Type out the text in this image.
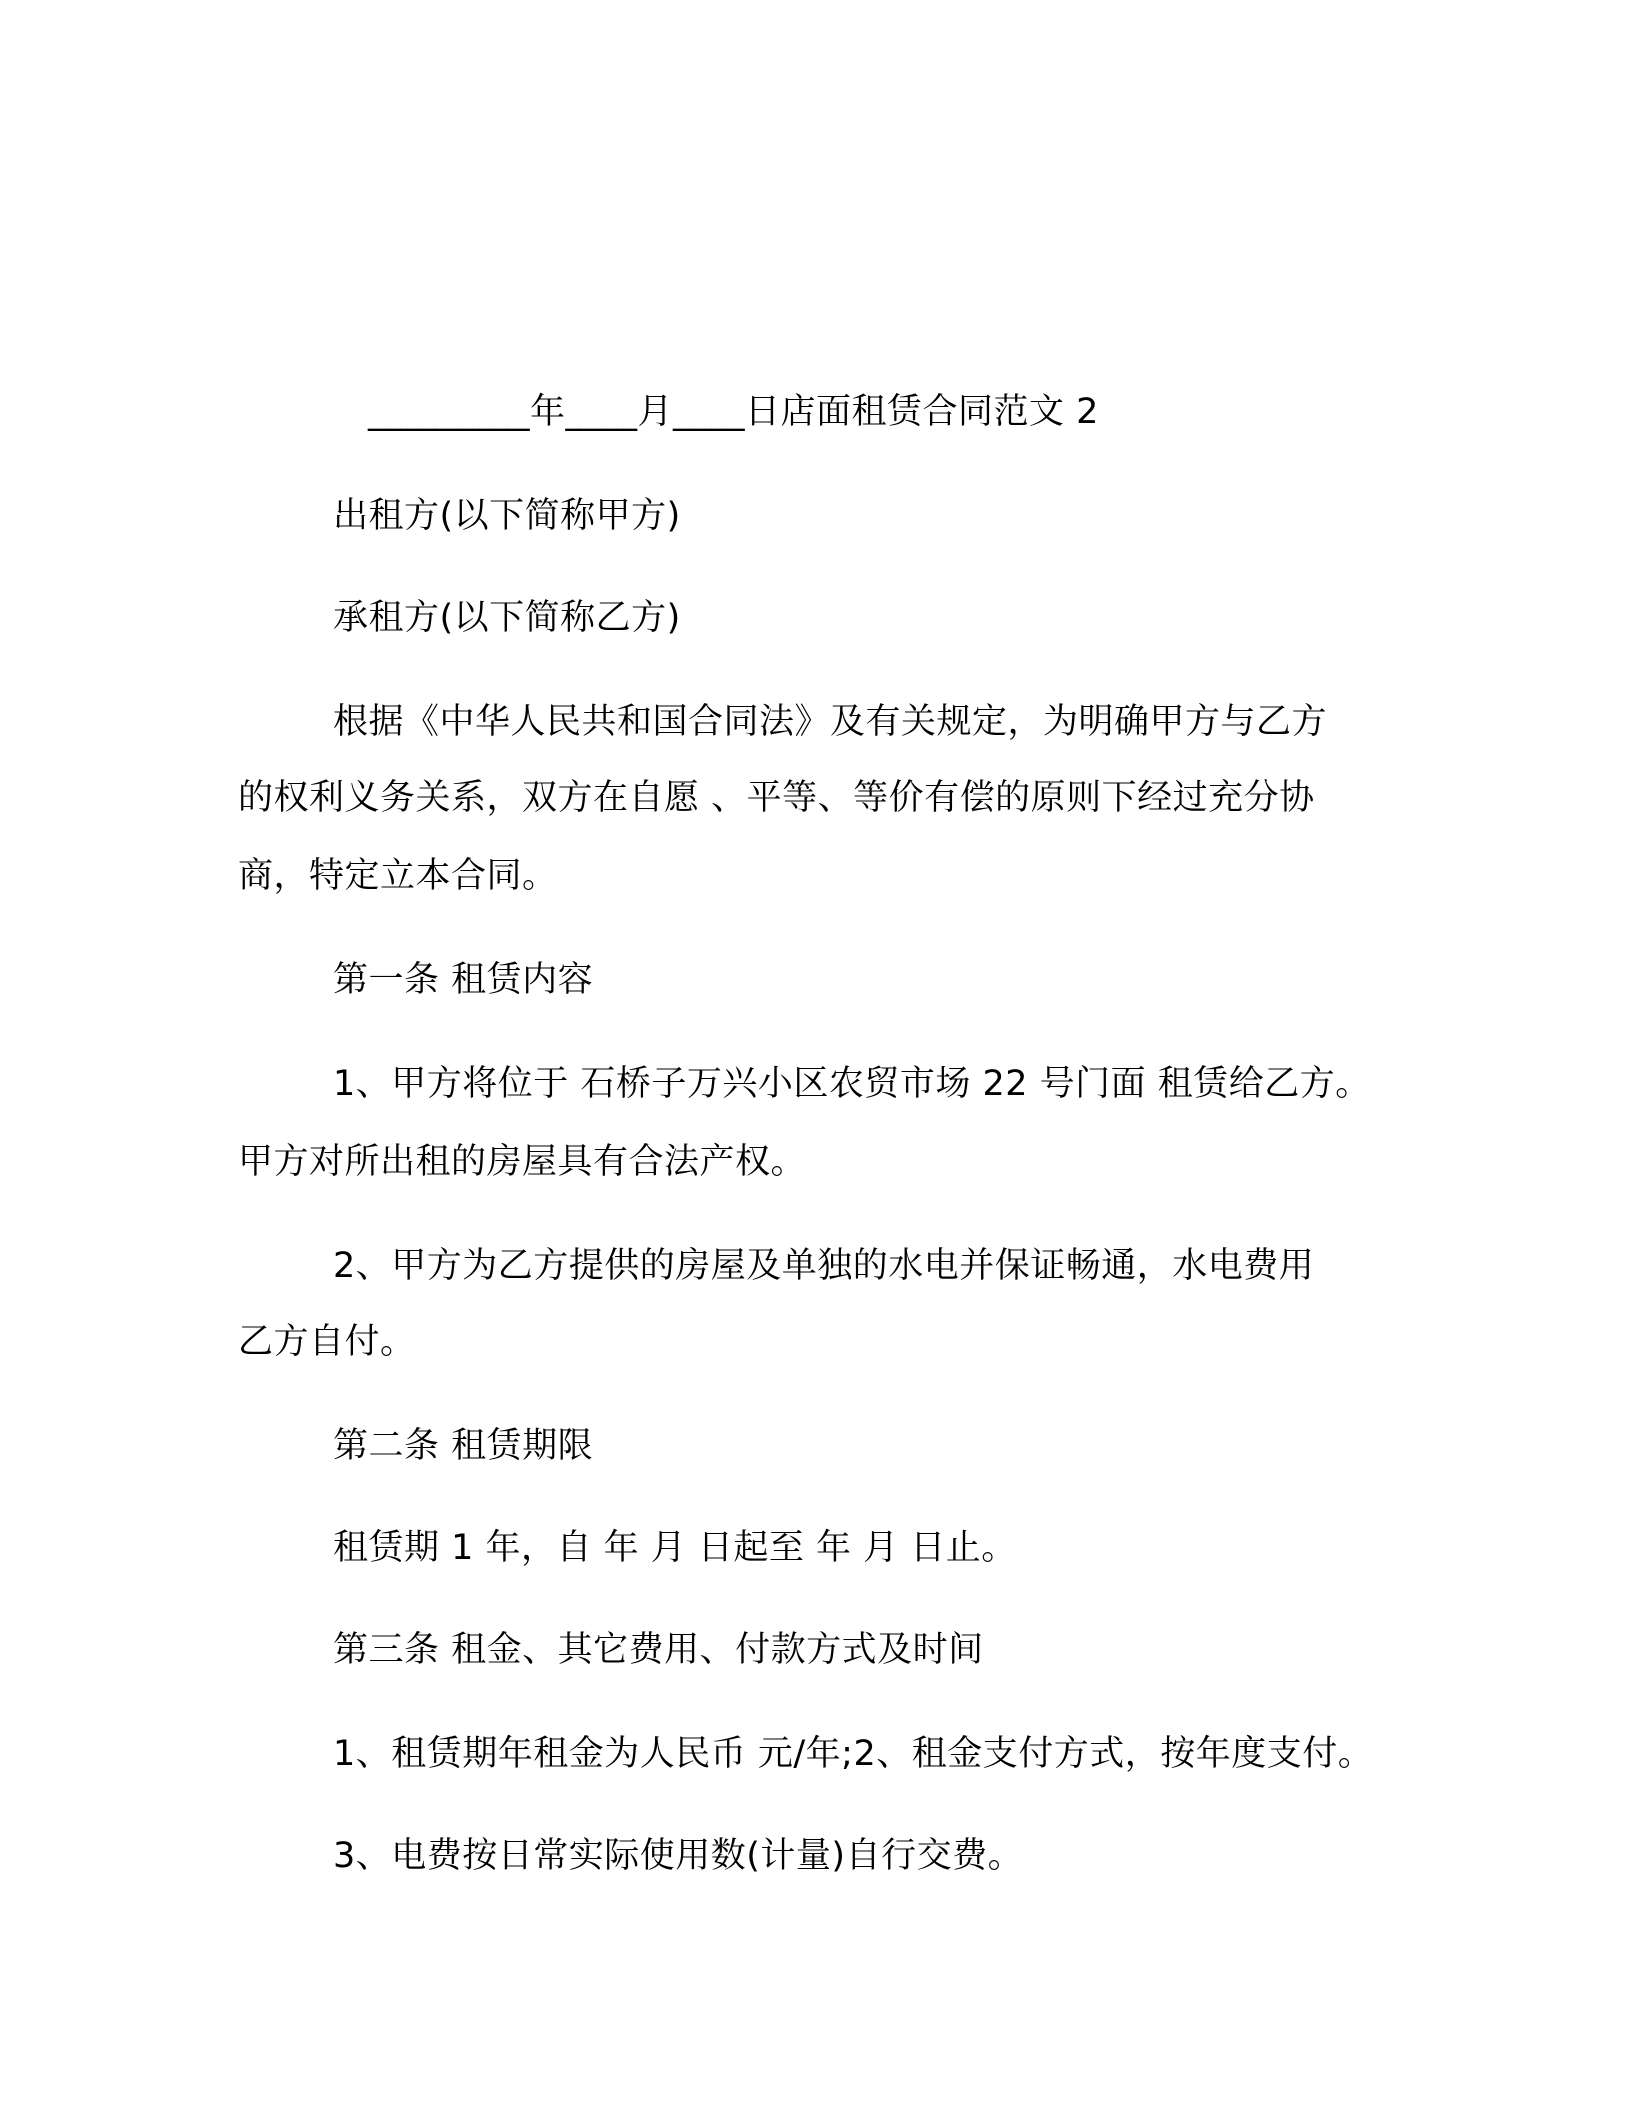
_________年____月____日店面租赁合同范文 2
出租方(以下简称甲方)
承租方(以下简称乙方)
根据《中华人民共和国合同法》及有关规定，为明确甲方与乙方
的权利义务关系，双方在自愿 、平等、等价有偿的原则下经过充分协
商，特定立本合同。
第一条 租赁内容
1、甲方将位于 石桥子万兴小区农贸市场 22 号门面 租赁给乙方。
甲方对所出租的房屋具有合法产权。
2、甲方为乙方提供的房屋及单独的水电并保证畅通，水电费用
乙方自付。
第二条 租赁期限
租赁期 1 年，自 年 月 日起至 年 月 日止。
第三条 租金、其它费用、付款方式及时间
1、租赁期年租金为人民币 元/年;2、租金支付方式，按年度支付。
3、电费按日常实际使用数(计量)自行交费。
